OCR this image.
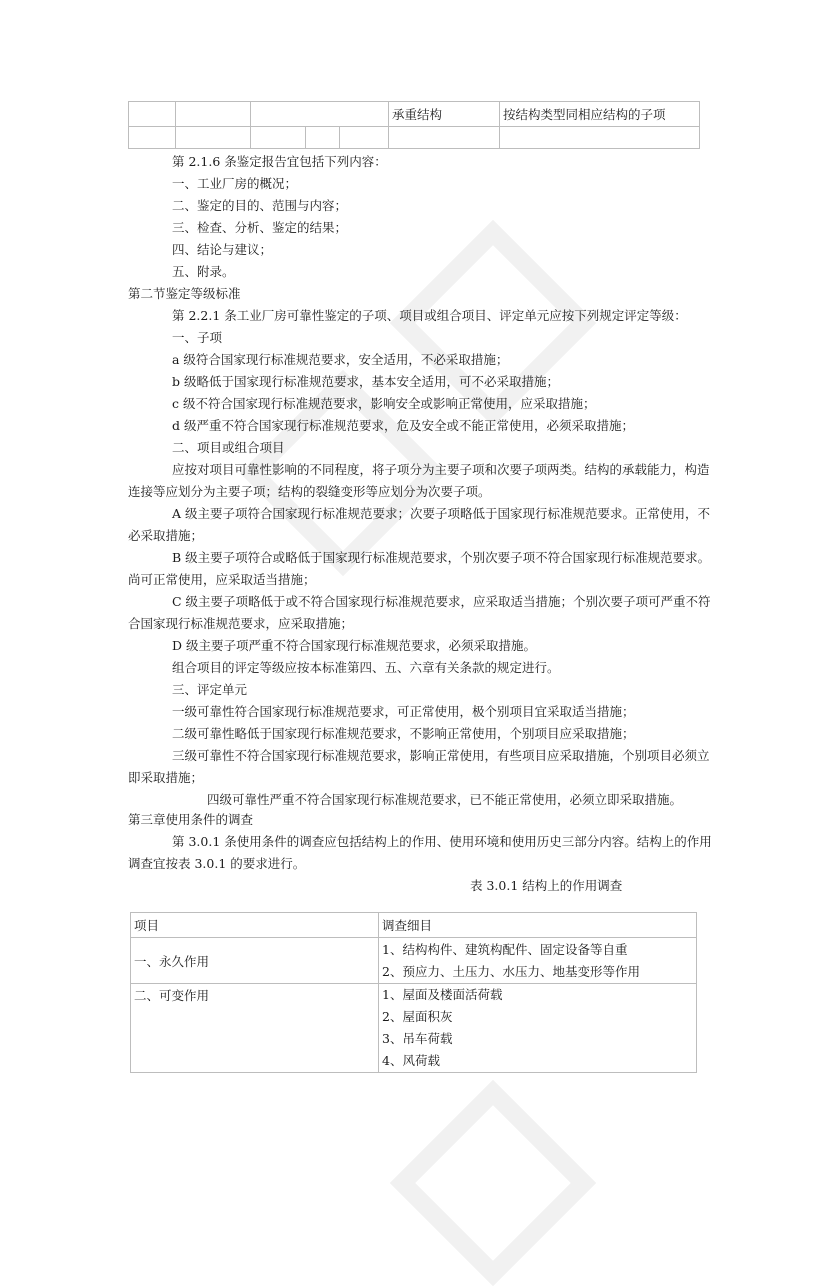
					承重结构	按结构类型同相应结构的子项

第 2.1.6 条鉴定报告宜包括下列内容：
一、工业厂房的概况；
二、鉴定的目的、范围与内容；
三、检查、分析、鉴定的结果；
四、结论与建议；
五、附录。
第二节鉴定等级标准
第 2.2.1 条工业厂房可靠性鉴定的子项、项目或组合项目、评定单元应按下列规定评定等级：
一、子项
a 级符合国家现行标准规范要求，安全适用，不必采取措施；
b 级略低于国家现行标准规范要求，基本安全适用，可不必采取措施；
c 级不符合国家现行标准规范要求，影响安全或影响正常使用，应采取措施；
d 级严重不符合国家现行标准规范要求，危及安全或不能正常使用，必须采取措施；
二、项目或组合项目
应按对项目可靠性影响的不同程度，将子项分为主要子项和次要子项两类。结构的承载能力，构造
连接等应划分为主要子项；结构的裂缝变形等应划分为次要子项。
A 级主要子项符合国家现行标准规范要求；次要子项略低于国家现行标准规范要求。正常使用，不
必采取措施；
B 级主要子项符合或略低于国家现行标准规范要求，个别次要子项不符合国家现行标准规范要求。
尚可正常使用，应采取适当措施；
C 级主要子项略低于或不符合国家现行标准规范要求，应采取适当措施；个别次要子项可严重不符
合国家现行标准规范要求，应采取措施；
D 级主要子项严重不符合国家现行标准规范要求，必须采取措施。
组合项目的评定等级应按本标准第四、五、六章有关条款的规定进行。
三、评定单元
一级可靠性符合国家现行标准规范要求，可正常使用，极个别项目宜采取适当措施；
二级可靠性略低于国家现行标准规范要求，不影响正常使用，个别项目应采取措施；
三级可靠性不符合国家现行标准规范要求，影响正常使用，有些项目应采取措施，个别项目必须立
即采取措施；
四级可靠性严重不符合国家现行标准规范要求，已不能正常使用，必须立即采取措施。
第三章使用条件的调查
第 3.0.1 条使用条件的调查应包括结构上的作用、使用环境和使用历史三部分内容。结构上的作用
调查宜按表 3.0.1 的要求进行。
表 3.0.1 结构上的作用调查
项目	调查细目
一、永久作用	1、结构构件、建筑构配件、固定设备等自重
2、预应力、土压力、水压力、地基变形等作用

二、可变作用	1、屋面及楼面活荷载
2、屋面积灰
3、吊车荷载
4、风荷载
